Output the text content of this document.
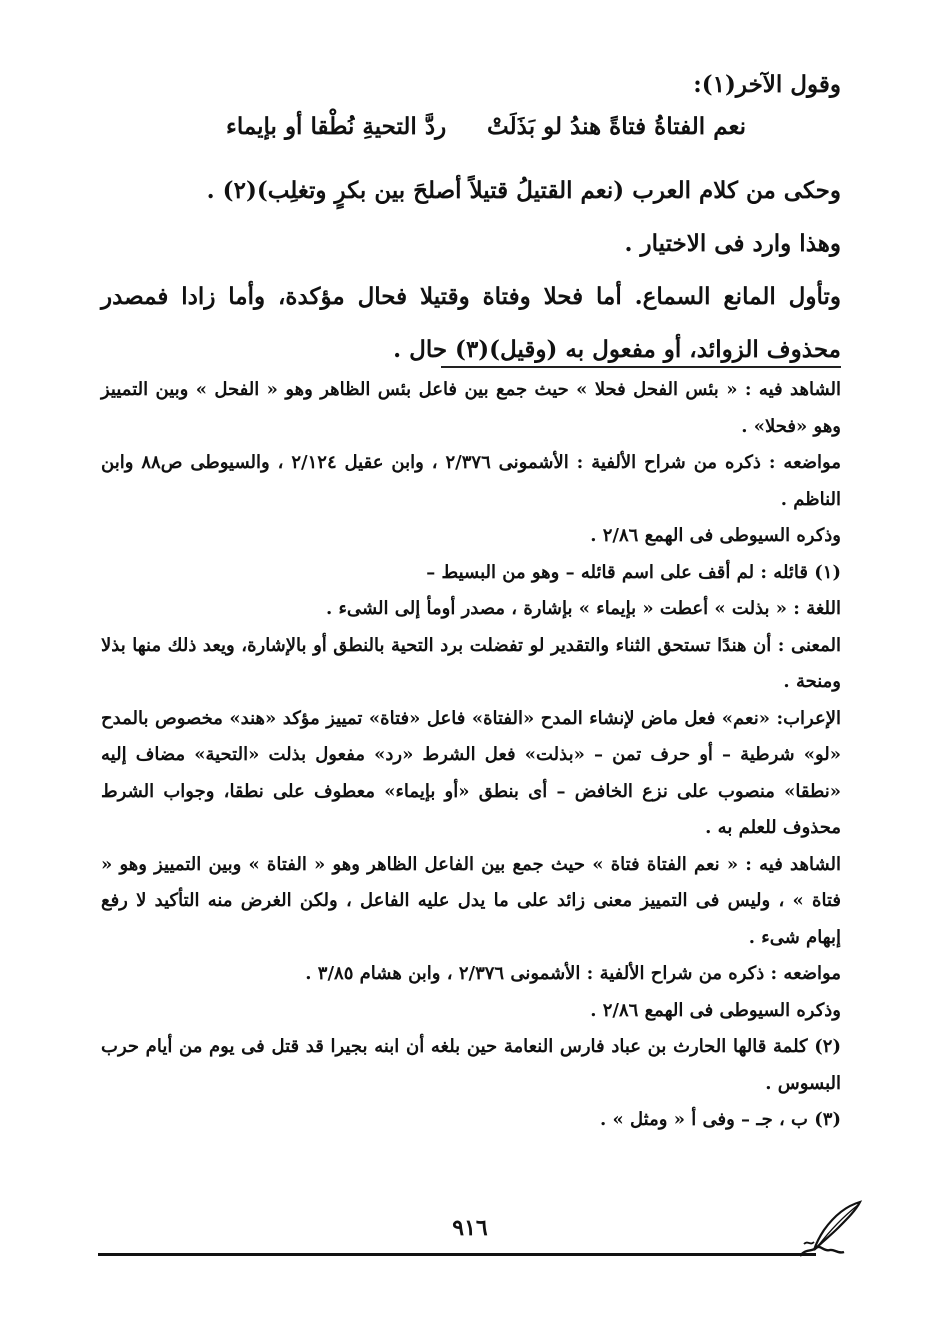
وقول الآخر(١):

وحكى من كلام العرب (نعم القتيلُ قتيلاً أصلحَ بين بكرٍ وتغلِب)(٢) .

وهذا وارد فى الاختيار .

وتأول المانع السماع. أما فحلا وفتاة وقتيلا فحال مؤكدة، وأما زادا فمصدر محذوف الزوائد، أو مفعول به (وقيل)(٣) حال .

نعم الفتاةُ فتاةً هندُ لو بَذَلَتْ
ردَّ التحيةِ نُطْقا أو بإيماء

الشاهد فيه : « بئس الفحل فحلا » حيث جمع بين فاعل بئس الظاهر وهو « الفحل » وبين التمييز وهو «فحلا» .

مواضعه : ذكره من شراح الألفية : الأشمونى ٢/٣٧٦ ، وابن عقيل ٢/١٢٤ ، والسيوطى ص٨٨ وابن الناظم .

وذكره السيوطى فى الهمع ٢/٨٦ .

(١) قائله : لم أقف على اسم قائله – وهو من البسيط –

اللغة : « بذلت » أعطت « بإيماء » بإشارة ، مصدر أومأ إلى الشىء .

المعنى : أن هندًا تستحق الثناء والتقدير لو تفضلت برد التحية بالنطق أو بالإشارة، ويعد ذلك منها بذلا ومنحة .

الإعراب: «نعم» فعل ماض لإنشاء المدح «الفتاة» فاعل «فتاة» تمييز مؤكد «هند» مخصوص بالمدح «لو» شرطية – أو حرف تمن – «بذلت» فعل الشرط «رد» مفعول بذلت «التحية» مضاف إليه «نطقا» منصوب على نزع الخافض – أى بنطق «أو بإيماء» معطوف على نطقا، وجواب الشرط محذوف للعلم به .

الشاهد فيه : « نعم الفتاة فتاة » حيث جمع بين الفاعل الظاهر وهو « الفتاة » وبين التمييز وهو « فتاة » ، وليس فى التمييز معنى زائد على ما يدل عليه الفاعل ، ولكن الغرض منه التأكيد لا رفع إبهام شىء .

مواضعه : ذكره من شراح الألفية : الأشمونى ٢/٣٧٦ ، وابن هشام ٣/٨٥ .

وذكره السيوطى فى الهمع ٢/٨٦ .

(٢) كلمة قالها الحارث بن عباد فارس النعامة حين بلغه أن ابنه بجيرا قد قتل فى يوم من أيام حرب البسوس .

(٣) ب ، جـ – وفى أ « ومثل » .

٩١٦
